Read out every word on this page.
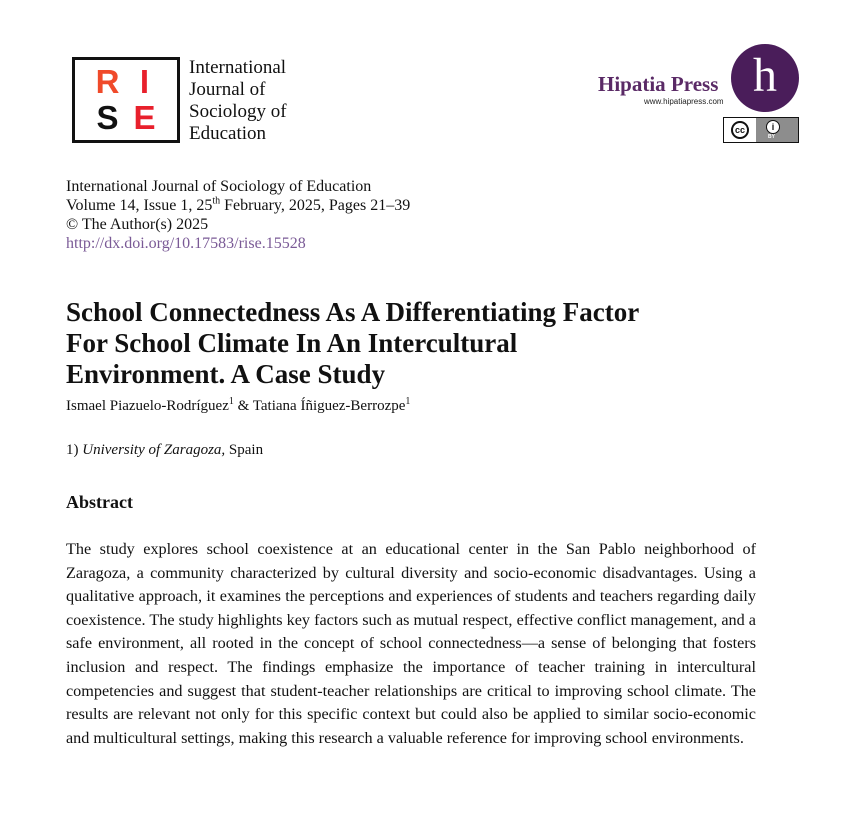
R I
S E
International
Journal of
Sociology of
Education
Hipatia Press
www.hipatiapress.com h
cc	i
BY
International Journal of Sociology of Education
Volume 14, Issue 1, 25th February, 2025, Pages 21–39
© The Author(s) 2025
http://dx.doi.org/10.17583/rise.15528
School Connectedness As A Differentiating Factor
For School Climate In An Intercultural
Environment. A Case Study
Ismael Piazuelo-Rodríguez$^1$ & Tatiana Íñiguez-Berrozpe$^1$
1) University of Zaragoza, Spain
Abstract
The study explores school coexistence at an educational center in the San Pablo neighborhood of Zaragoza, a community characterized by cultural diversity and socio-economic disadvantages. Using a qualitative approach, it examines the perceptions and experiences of students and teachers regarding daily coexistence. The study highlights key factors such as mutual respect, effective conflict management, and a safe environment, all rooted in the concept of school connectedness—a sense of belonging that fosters inclusion and respect. The findings emphasize the importance of teacher training in intercultural competencies and suggest that student-teacher relationships are critical to improving school climate. The results are relevant not only for this specific context but could also be applied to similar socio-economic and multicultural settings, making this research a valuable reference for improving school environments.
